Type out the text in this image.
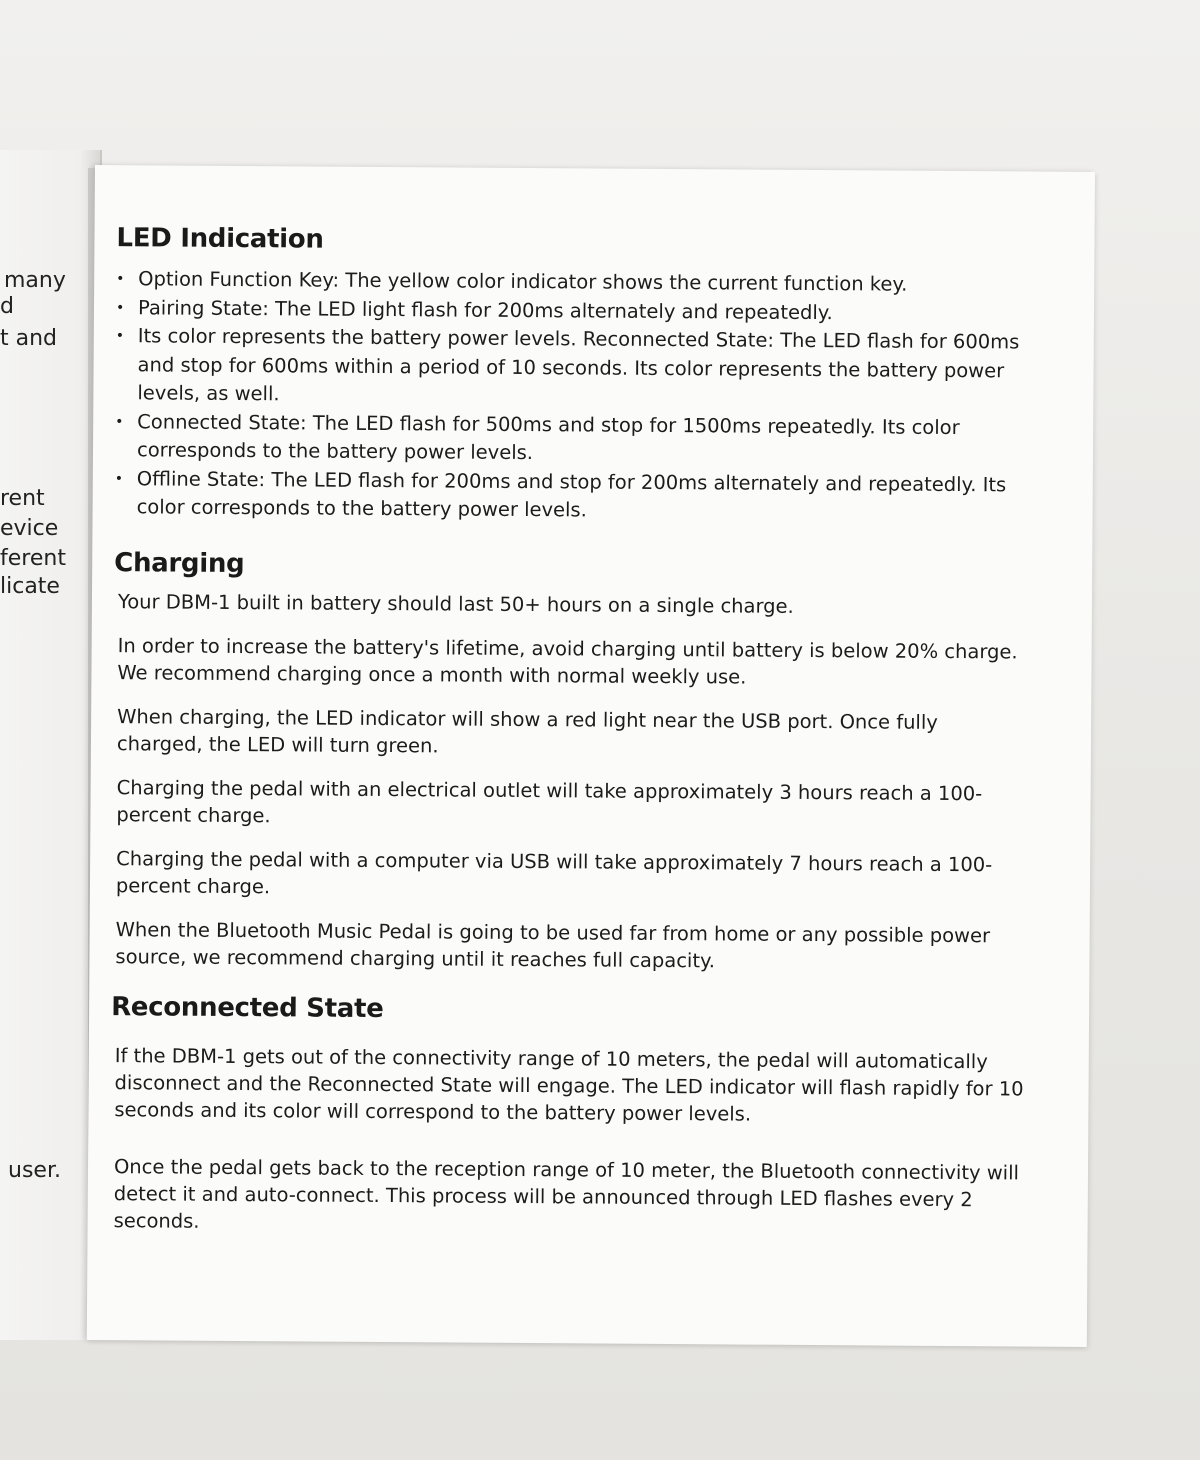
many
d
t and
rent
evice
ferent
licate
user.
LED Indication
• Option Function Key: The yellow color indicator shows the current function key.
• Pairing State: The LED light flash for 200ms alternately and repeatedly.
• Its color represents the battery power levels. Reconnected State: The LED flash for 600ms and stop for 600ms within a period of 10 seconds. Its color represents the battery power levels, as well.
• Connected State: The LED flash for 500ms and stop for 1500ms repeatedly. Its color corresponds to the battery power levels.
• Offline State: The LED flash for 200ms and stop for 200ms alternately and repeatedly. Its color corresponds to the battery power levels.
Charging

Your DBM-1 built in battery should last 50+ hours on a single charge.

In order to increase the battery's lifetime, avoid charging until battery is below 20% charge. We recommend charging once a month with normal weekly use.

When charging, the LED indicator will show a red light near the USB port. Once fully charged, the LED will turn green.

Charging the pedal with an electrical outlet will take approximately 3 hours reach a 100-percent charge.

Charging the pedal with a computer via USB will take approximately 7 hours reach a 100-percent charge.

When the Bluetooth Music Pedal is going to be used far from home or any possible power source, we recommend charging until it reaches full capacity.

Reconnected State

If the DBM-1 gets out of the connectivity range of 10 meters, the pedal will automatically disconnect and the Reconnected State will engage. The LED indicator will flash rapidly for 10 seconds and its color will correspond to the battery power levels.

Once the pedal gets back to the reception range of 10 meter, the Bluetooth connectivity will detect it and auto-connect. This process will be announced through LED flashes every 2 seconds.
